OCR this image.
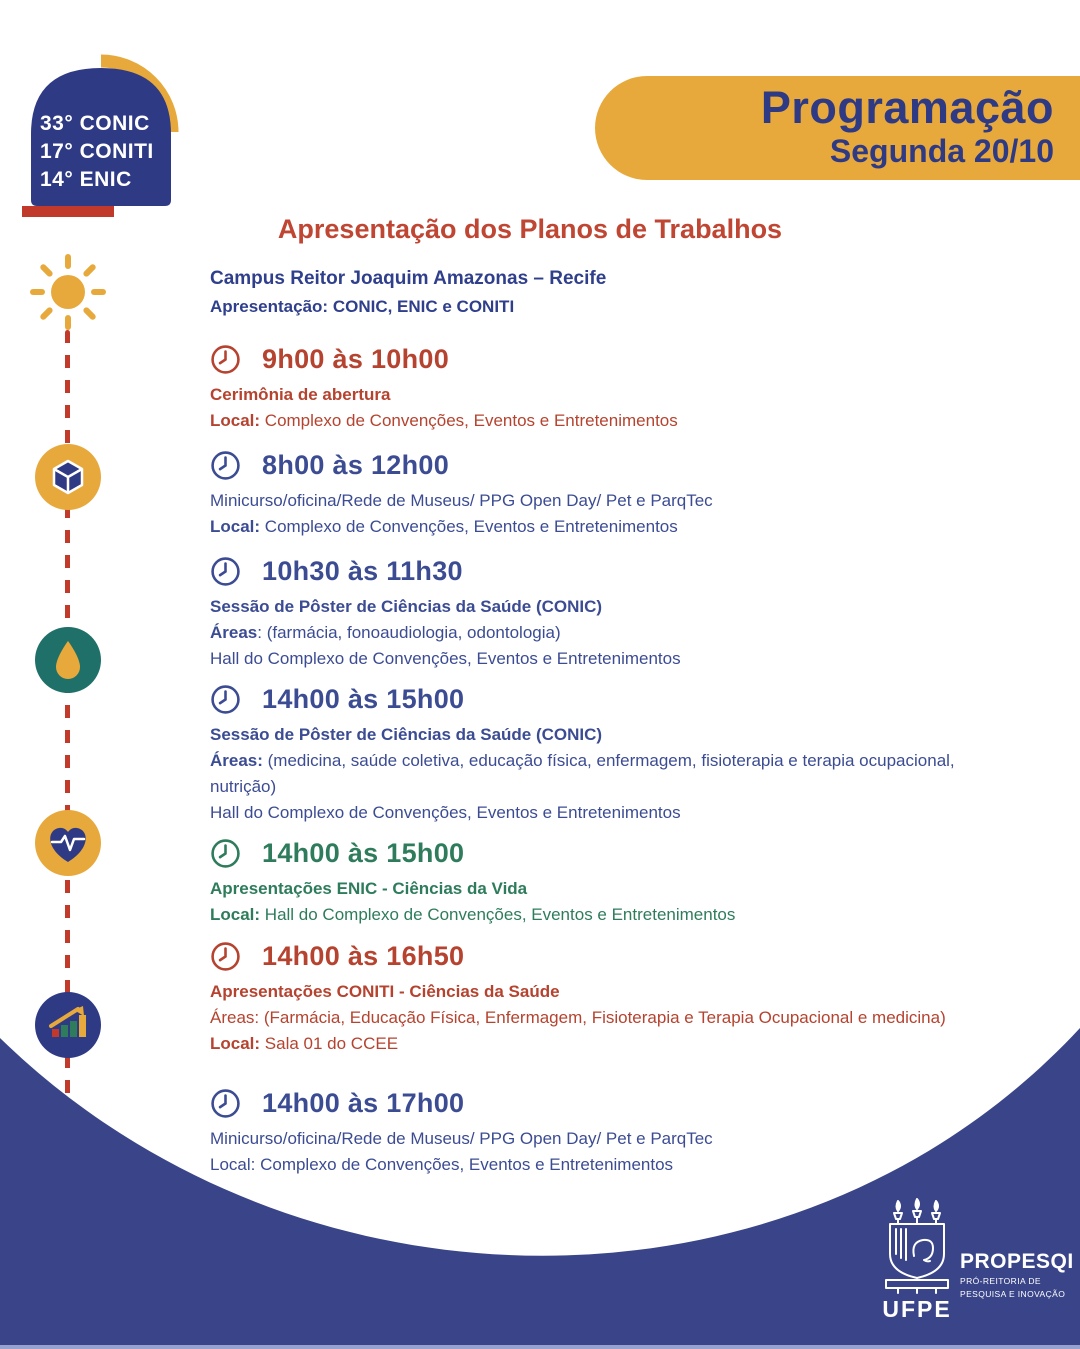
33° CONIC
17° CONITI
14° ENIC
Programação
Segunda 20/10
Apresentação dos Planos de Trabalhos
Campus Reitor Joaquim Amazonas – Recife
Apresentação: CONIC, ENIC e CONITI
9h00 às 10h00
Cerimônia de abertura
Local: Complexo de Convenções, Eventos e Entretenimentos
8h00 às 12h00
Minicurso/oficina/Rede de Museus/ PPG Open Day/ Pet e ParqTec
Local: Complexo de Convenções, Eventos e Entretenimentos
10h30 às 11h30
Sessão de Pôster de Ciências da Saúde (CONIC)
Áreas: (farmácia, fonoaudiologia, odontologia)
Hall do Complexo de Convenções, Eventos e Entretenimentos
14h00 às 15h00
Sessão de Pôster de Ciências da Saúde (CONIC)
Áreas: (medicina, saúde coletiva, educação física, enfermagem, fisioterapia e terapia ocupacional, nutrição)
Hall do Complexo de Convenções, Eventos e Entretenimentos
14h00 às 15h00
Apresentações ENIC - Ciências da Vida
Local: Hall do Complexo de Convenções, Eventos e Entretenimentos
14h00 às 16h50
Apresentações CONITI - Ciências da Saúde
Áreas: (Farmácia, Educação Física, Enfermagem, Fisioterapia e Terapia Ocupacional e medicina)
Local: Sala 01 do CCEE
14h00 às 17h00
Minicurso/oficina/Rede de Museus/ PPG Open Day/ Pet e ParqTec
Local: Complexo de Convenções, Eventos e Entretenimentos
UFPE
PROPESQI
PRÓ-REITORIA DE
PESQUISA E INOVAÇÃO
